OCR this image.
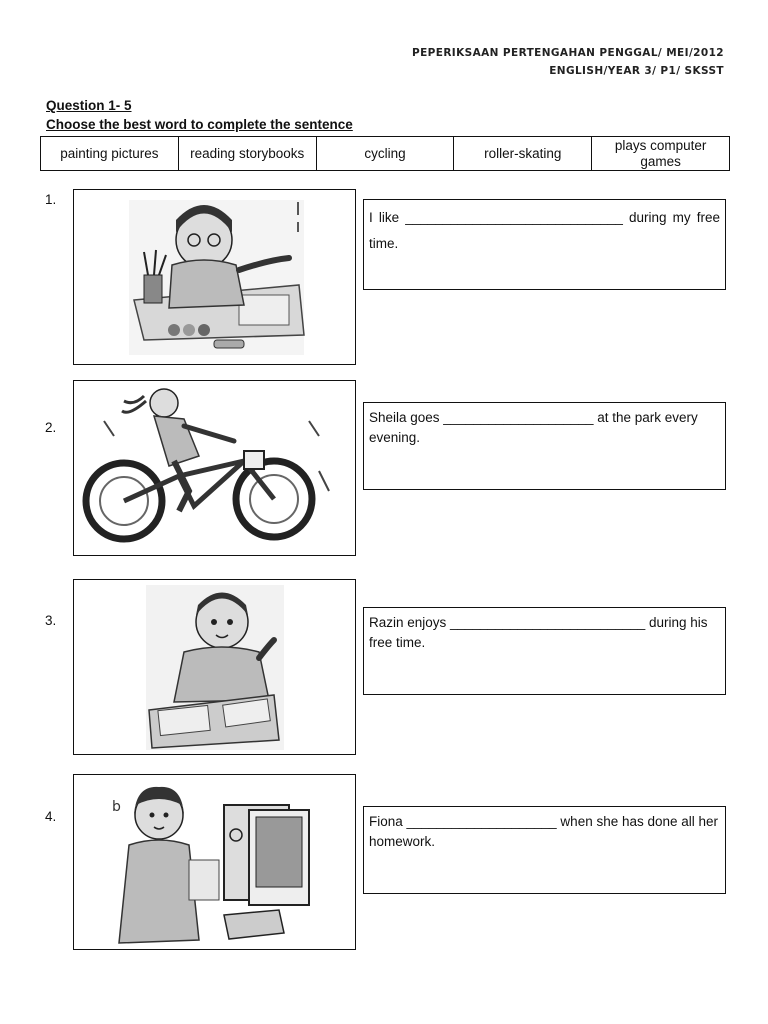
PEPERIKSAAN PERTENGAHAN PENGGAL/ MEI/2012
ENGLISH/YEAR 3/ P1/ SKSST
Question 1- 5
Choose the best word to complete the sentence
painting pictures	reading storybooks	cycling	roller-skating	plays computer games
1.
I like _____________________________ during my free time.
2.
Sheila goes ____________________ at the park every evening.
3.	Razin enjoys __________________________ during his free time.
4.
b
Fiona ____________________ when she has done all her homework.
